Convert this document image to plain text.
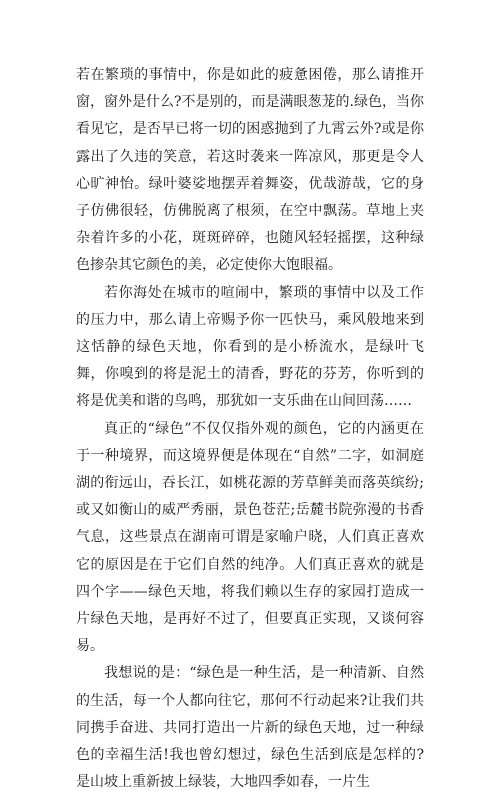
若在繁琐的事情中，你是如此的疲惫困倦，那么请推开窗，窗外是什么?不是别的，而是满眼葱茏的.绿色，当你看见它，是否早已将一切的困惑抛到了九霄云外?或是你露出了久违的笑意，若这时袭来一阵凉风，那更是令人心旷神怡。绿叶婆娑地摆弄着舞姿，优哉游哉，它的身子仿佛很轻，仿佛脱离了根须，在空中飘荡。草地上夹杂着许多的小花，斑斑碎碎，也随风轻轻摇摆，这种绿色掺杂其它颜色的美，必定使你大饱眼福。

若你海处在城市的喧闹中，繁琐的事情中以及工作的压力中，那么请上帝赐予你一匹快马，乘风般地来到这恬静的绿色天地，你看到的是小桥流水，是绿叶飞舞，你嗅到的将是泥土的清香，野花的芬芳，你听到的将是优美和谐的鸟鸣，那犹如一支乐曲在山间回荡……

真正的“绿色”不仅仅指外观的颜色，它的内涵更在于一种境界，而这境界便是体现在“自然”二字，如洞庭湖的衔远山，吞长江，如桃花源的芳草鲜美而落英缤纷;或又如衡山的威严秀丽，景色苍茫;岳麓书院弥漫的书香气息，这些景点在湖南可谓是家喻户晓，人们真正喜欢它的原因是在于它们自然的纯净。人们真正喜欢的就是四个字——绿色天地，将我们赖以生存的家园打造成一片绿色天地，是再好不过了，但要真正实现，又谈何容易。

我想说的是：“绿色是一种生活，是一种清新、自然的生活，每一个人都向往它，那何不行动起来?让我们共同携手奋进、共同打造出一片新的绿色天地，过一种绿色的幸福生活!我也曾幻想过，绿色生活到底是怎样的?是山坡上重新披上绿装，大地四季如春，一片生
